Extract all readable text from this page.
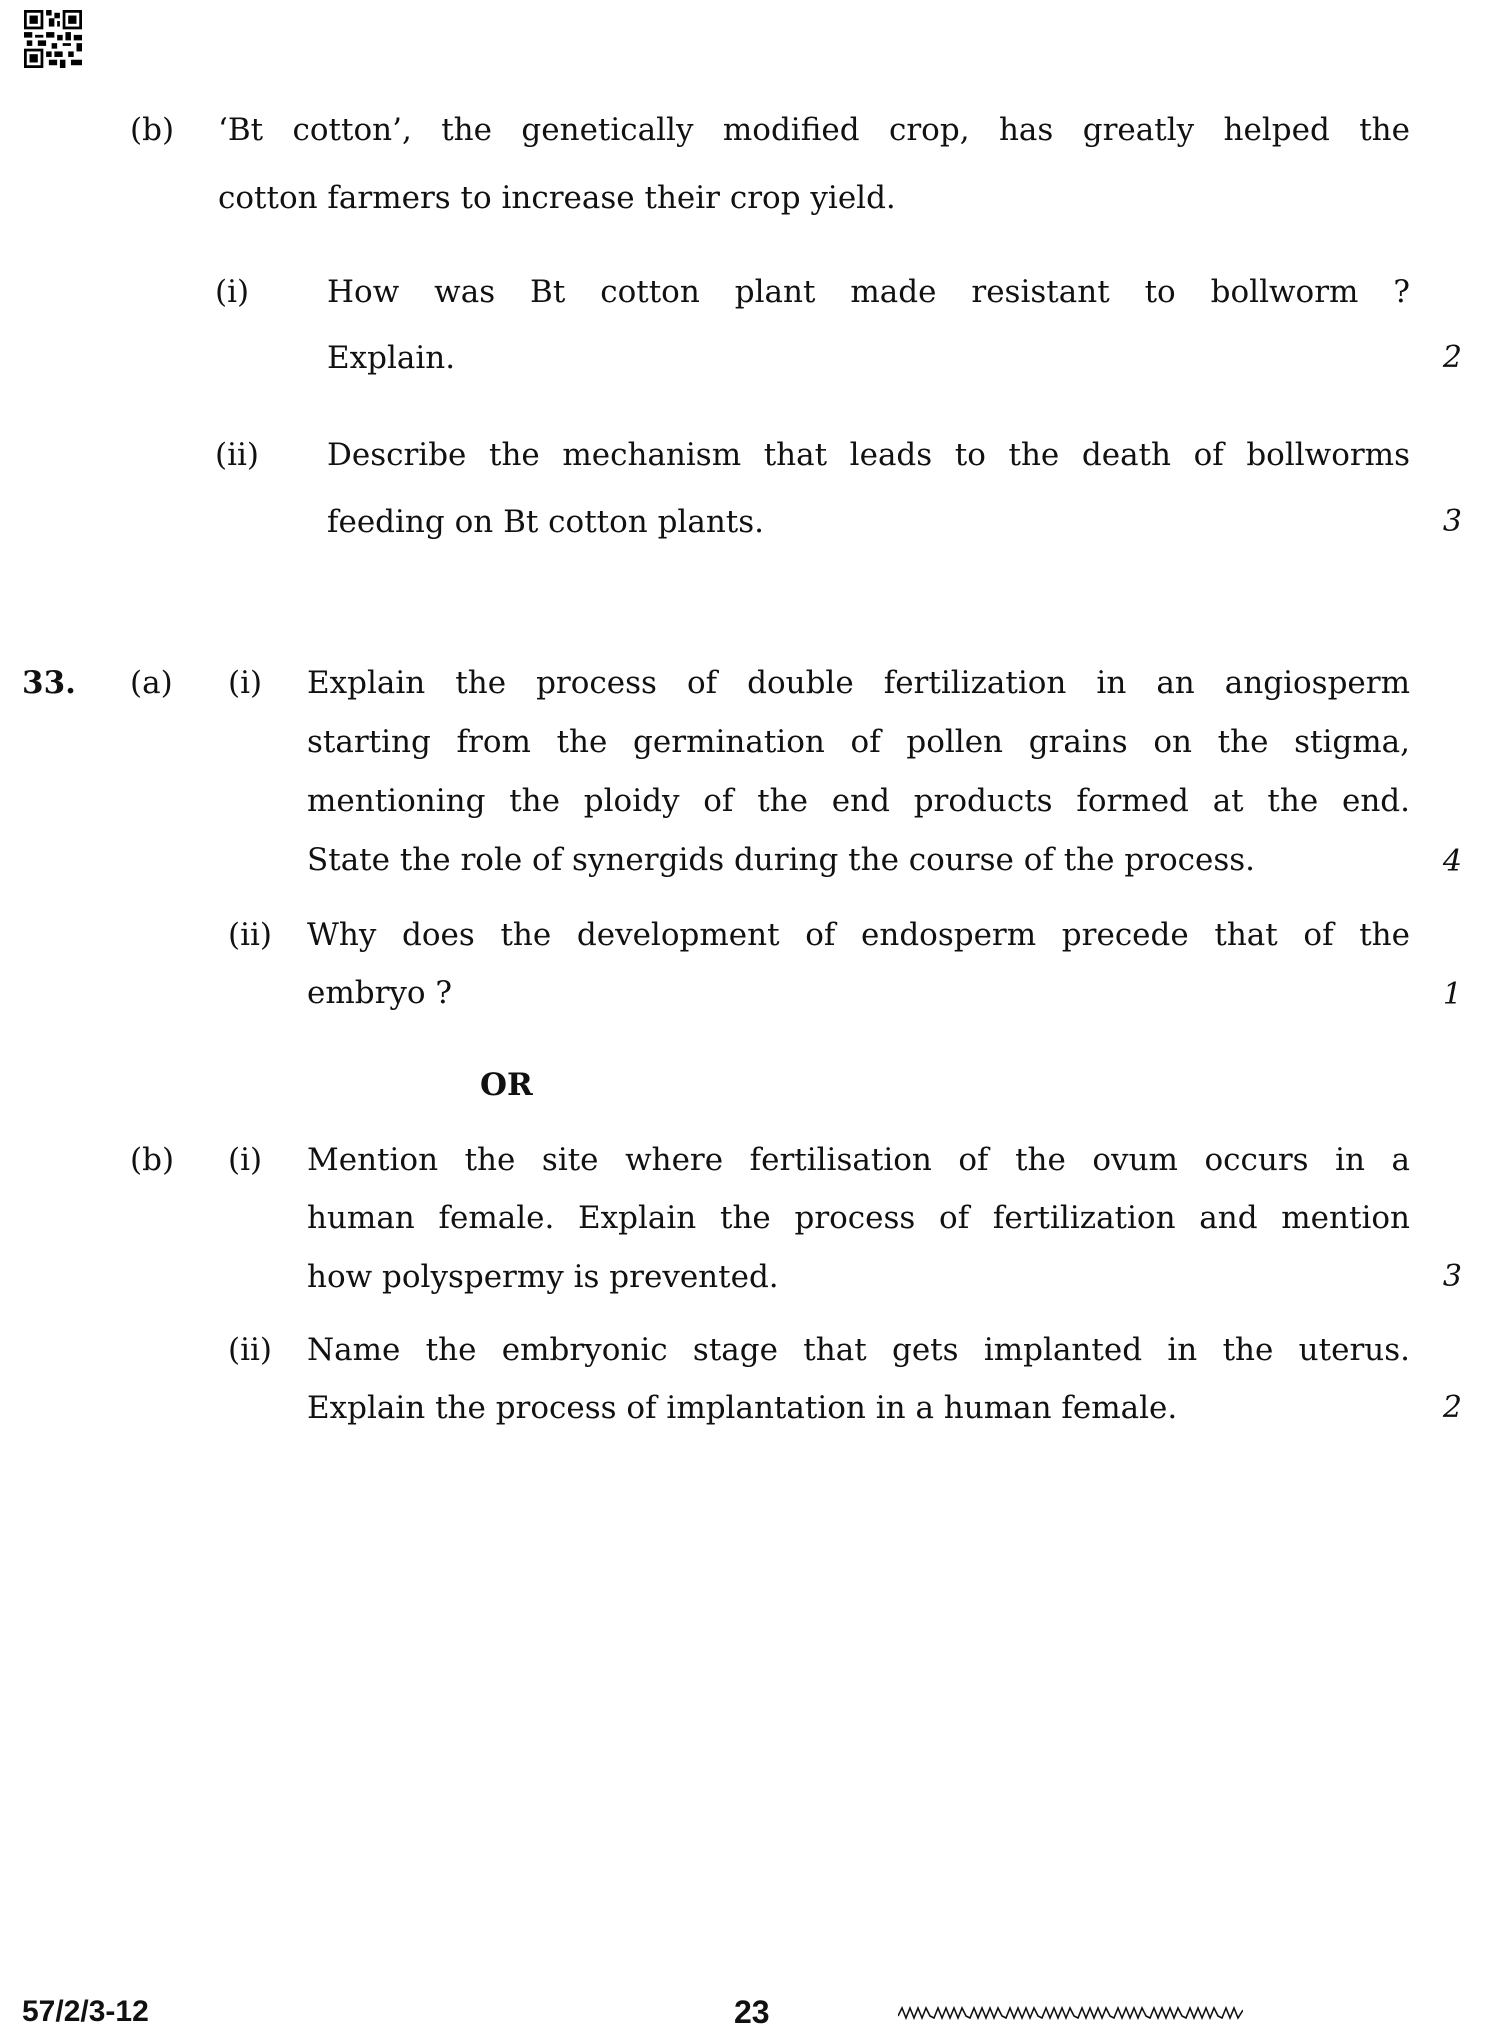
(b) ‘Bt cotton’, the genetically modified crop, has greatly helped the
cotton farmers to increase their crop yield.
(i)	How was Bt cotton plant made resistant to bollworm ?
Explain.	2
(ii) Describe the mechanism that leads to the death of bollworms
feeding on Bt cotton plants.	3
33. (a) (i) Explain the process of double fertilization in an angiosperm
starting from the germination of pollen grains on the stigma,
mentioning the ploidy of the end products formed at the end.
State the role of synergids during the course of the process.	4
(ii) Why does the development of endosperm precede that of the
embryo ?	1
OR
(b) (i) Mention the site where fertilisation of the ovum occurs in a
human female. Explain the process of fertilization and mention
how polyspermy is prevented.	3
(ii) Name the embryonic stage that gets implanted in the uterus.
Explain the process of implantation in a human female.	2
57/2/3-12	23
